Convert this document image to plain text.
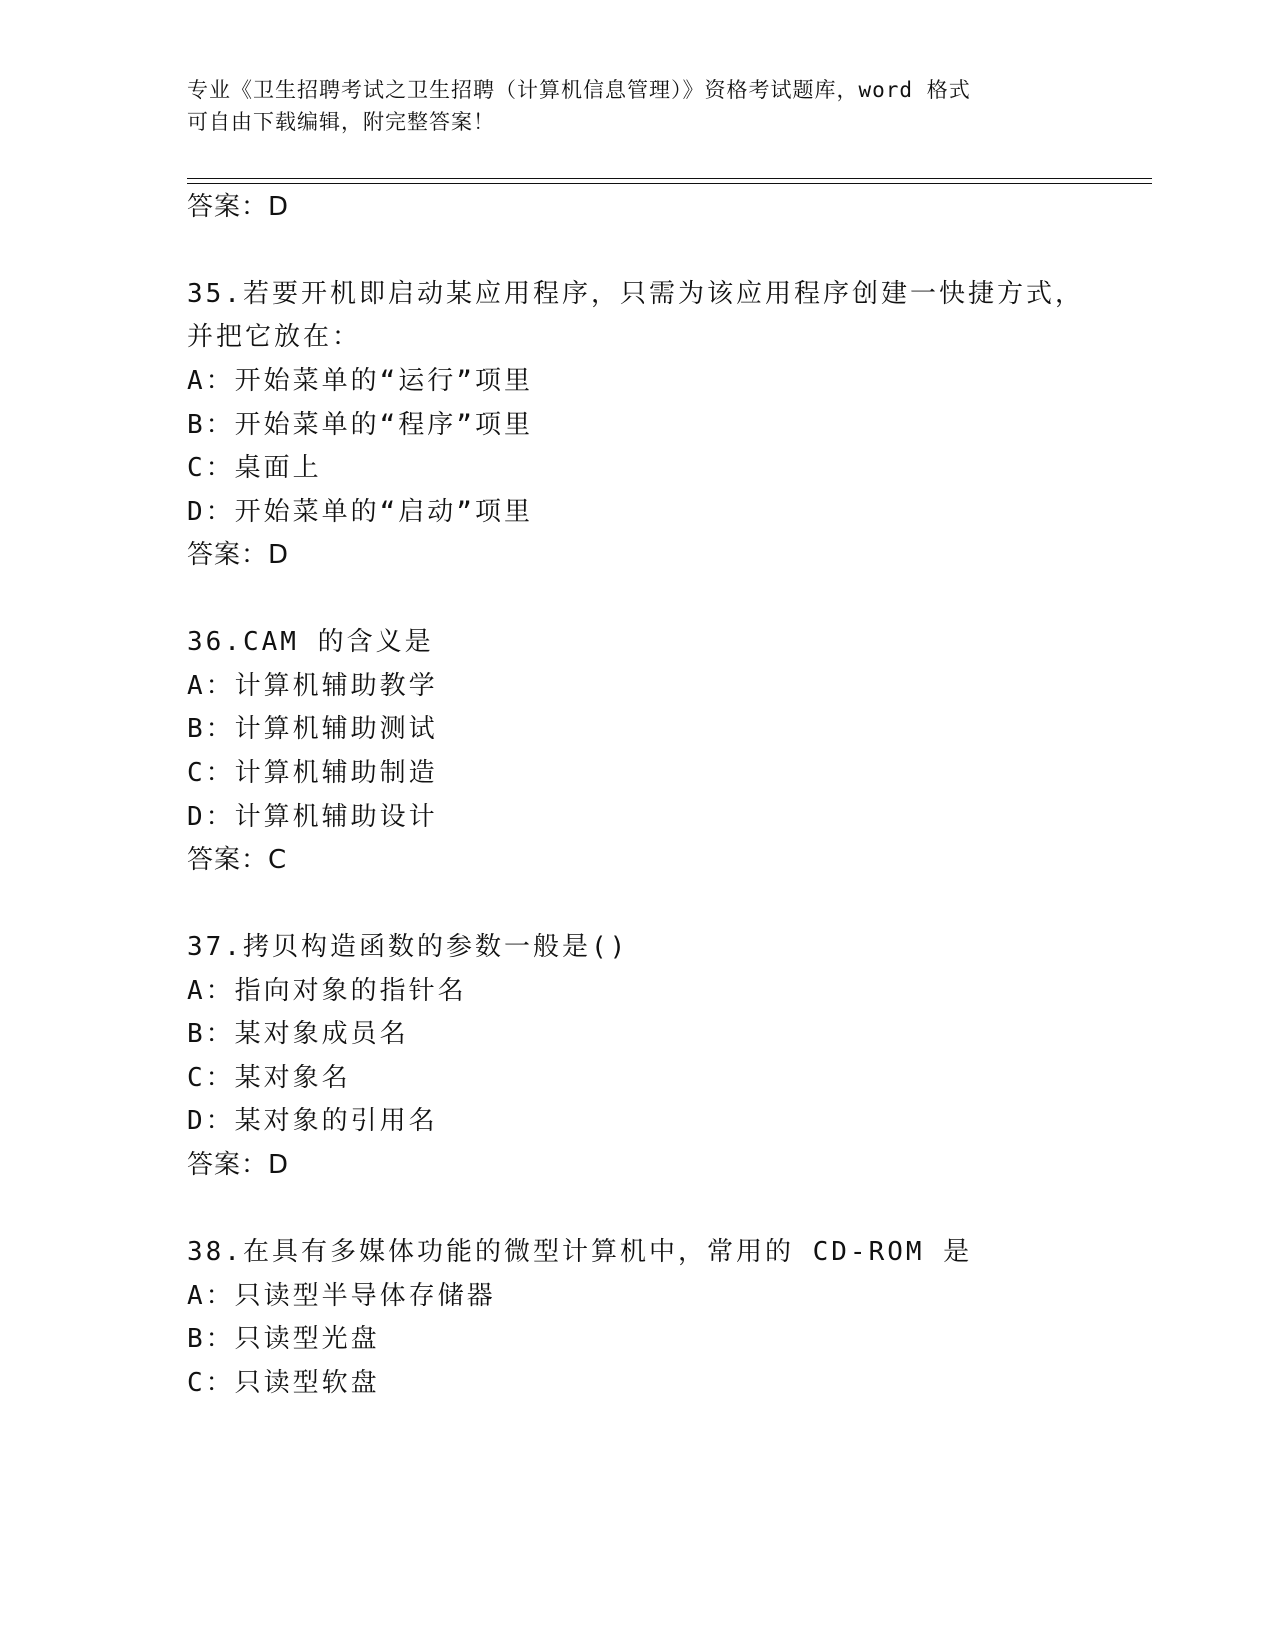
专业《卫生招聘考试之卫生招聘（计算机信息管理）》资格考试题库，word 格式
可自由下载编辑，附完整答案！
答案：D
35.若要开机即启动某应用程序，只需为该应用程序创建一快捷方式，
并把它放在：
A：开始菜单的“运行”项里
B：开始菜单的“程序”项里
C：桌面上
D：开始菜单的“启动”项里
答案：D
36.CAM 的含义是
A：计算机辅助教学
B：计算机辅助测试
C：计算机辅助制造
D：计算机辅助设计
答案：C
37.拷贝构造函数的参数一般是()
A：指向对象的指针名
B：某对象成员名
C：某对象名
D：某对象的引用名
答案：D
38.在具有多媒体功能的微型计算机中，常用的 CD-ROM 是
A：只读型半导体存储器
B：只读型光盘
C：只读型软盘
